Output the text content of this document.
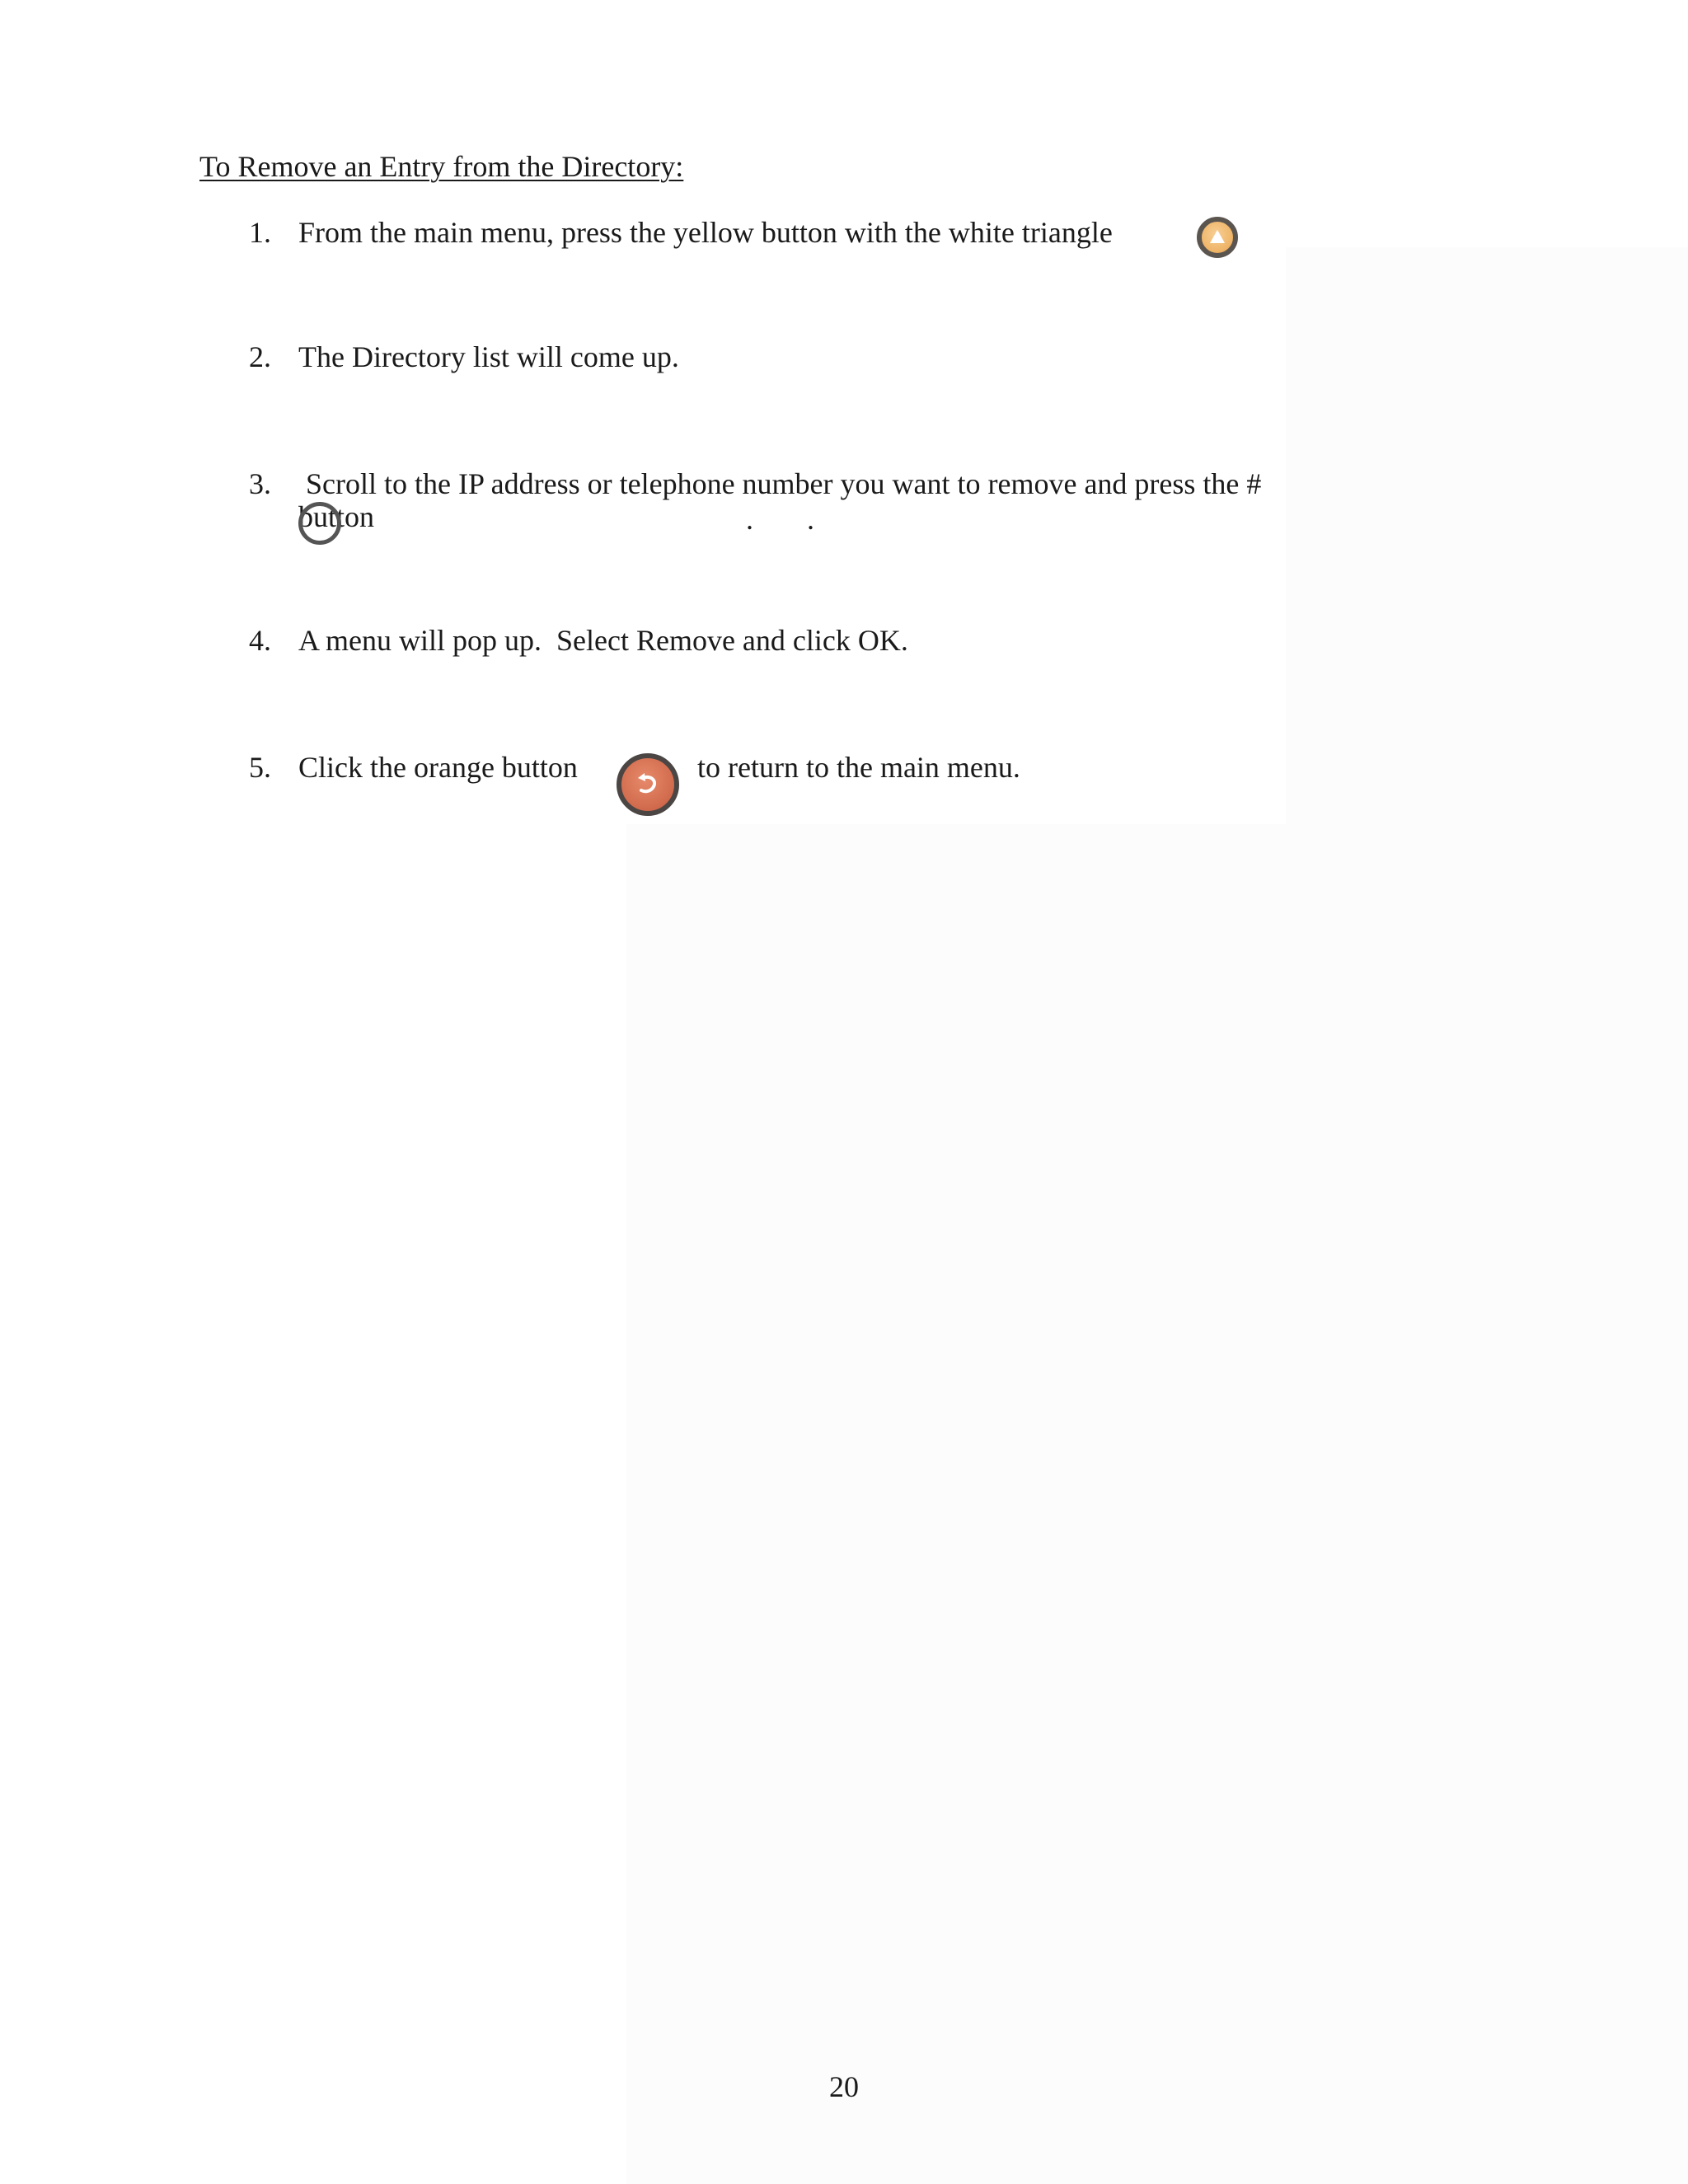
To Remove an Entry from the Directory:
1. From the main menu, press the yellow button with the white triangle
2. The Directory list will come up.
3. Scroll to the IP address or telephone number you want to remove and press the #
button	. .
4. A menu will pop up.  Select Remove and click OK.
5. Click the orange button	to return to the main menu.
20
